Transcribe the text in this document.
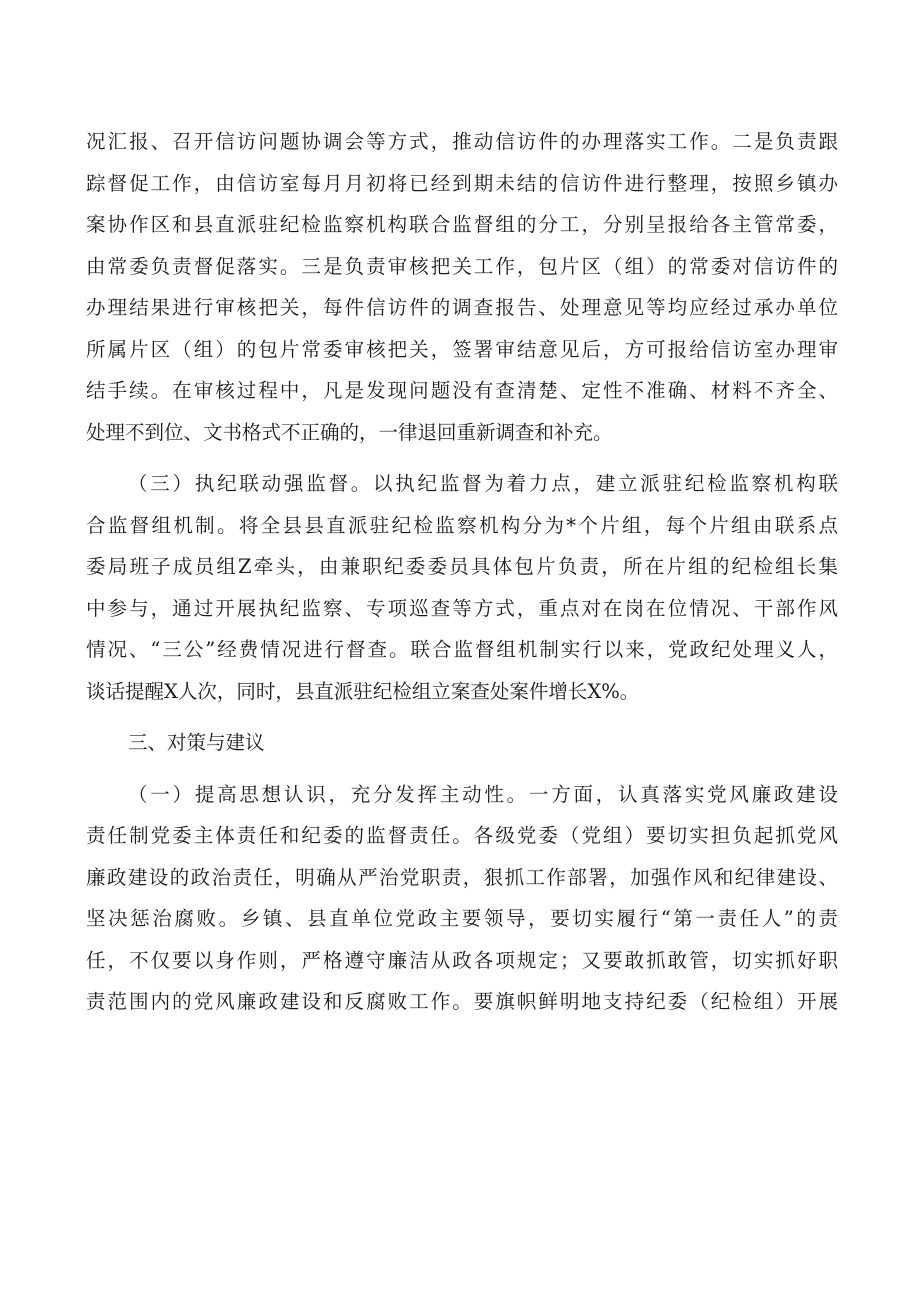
况汇报、召开信访问题协调会等方式，推动信访件的办理落实工作。二是负责跟
踪督促工作，由信访室每月月初将已经到期未结的信访件进行整理，按照乡镇办
案协作区和县直派驻纪检监察机构联合监督组的分工，分别呈报给各主管常委，
由常委负责督促落实。三是负责审核把关工作，包片区（组）的常委对信访件的
办理结果进行审核把关，每件信访件的调查报告、处理意见等均应经过承办单位
所属片区（组）的包片常委审核把关，签署审结意见后，方可报给信访室办理审
结手续。在审核过程中，凡是发现问题没有查清楚、定性不准确、材料不齐全、
处理不到位、文书格式不正确的，一律退回重新调查和补充。
（三）执纪联动强监督。以执纪监督为着力点，建立派驻纪检监察机构联
合监督组机制。将全县县直派驻纪检监察机构分为*个片组，每个片组由联系点
委局班子成员组Z牵头，由兼职纪委委员具体包片负责，所在片组的纪检组长集
中参与，通过开展执纪监察、专项巡查等方式，重点对在岗在位情况、干部作风
情况、“三公”经费情况进行督查。联合监督组机制实行以来，党政纪处理义人，
谈话提醒X人次，同时，县直派驻纪检组立案查处案件增长X%。
三、对策与建议
（一）提高思想认识，充分发挥主动性。一方面，认真落实党风廉政建设
责任制党委主体责任和纪委的监督责任。各级党委（党组）要切实担负起抓党风
廉政建设的政治责任，明确从严治党职责，狠抓工作部署，加强作风和纪律建设、
坚决惩治腐败。乡镇、县直单位党政主要领导，要切实履行“第一责任人”的责
任，不仅要以身作则，严格遵守廉洁从政各项规定；又要敢抓敢管，切实抓好职
责范围内的党风廉政建设和反腐败工作。要旗帜鲜明地支持纪委（纪检组）开展
